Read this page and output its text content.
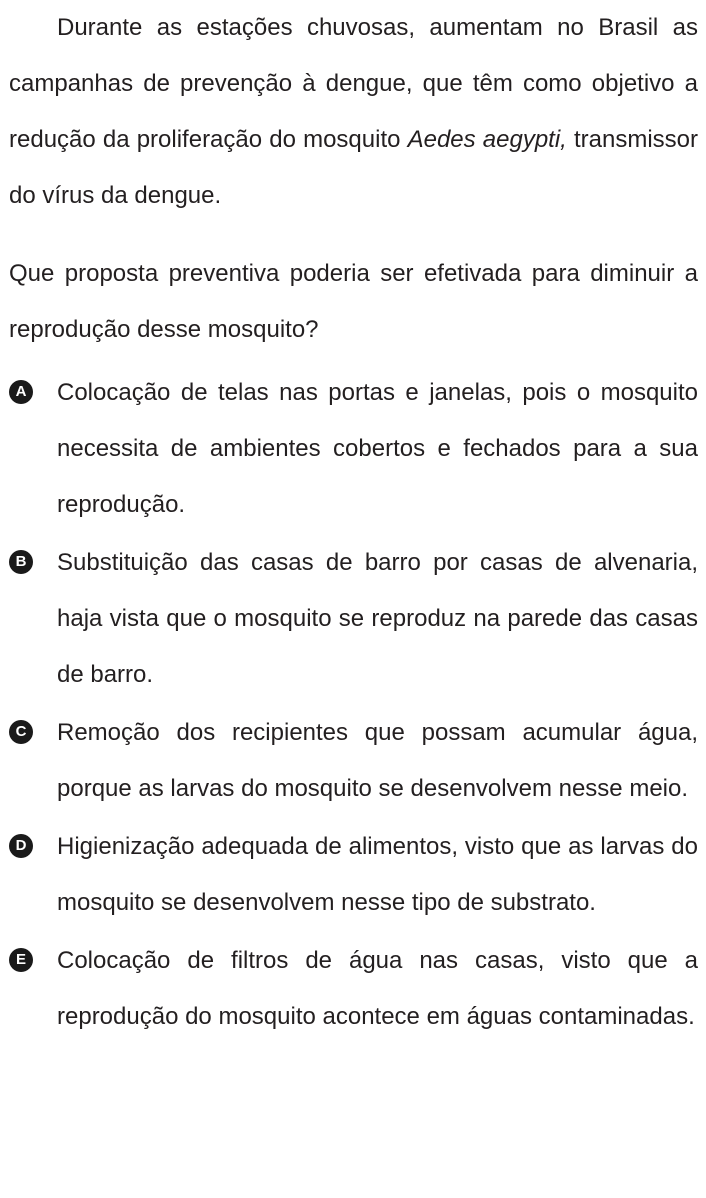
Durante as estações chuvosas, aumentam no Brasil as campanhas de prevenção à dengue, que têm como objetivo a redução da proliferação do mosquito Aedes aegypti, transmissor do vírus da dengue.

Que proposta preventiva poderia ser efetivada para diminuir a reprodução desse mosquito?

A Colocação de telas nas portas e janelas, pois o mosquito necessita de ambientes cobertos e fechados para a sua reprodução.
B Substituição das casas de barro por casas de alvenaria, haja vista que o mosquito se reproduz na parede das casas de barro.
C Remoção dos recipientes que possam acumular água, porque as larvas do mosquito se desenvolvem nesse meio.
D Higienização adequada de alimentos, visto que as larvas do mosquito se desenvolvem nesse tipo de substrato.
E Colocação de filtros de água nas casas, visto que a reprodução do mosquito acontece em águas contaminadas.
